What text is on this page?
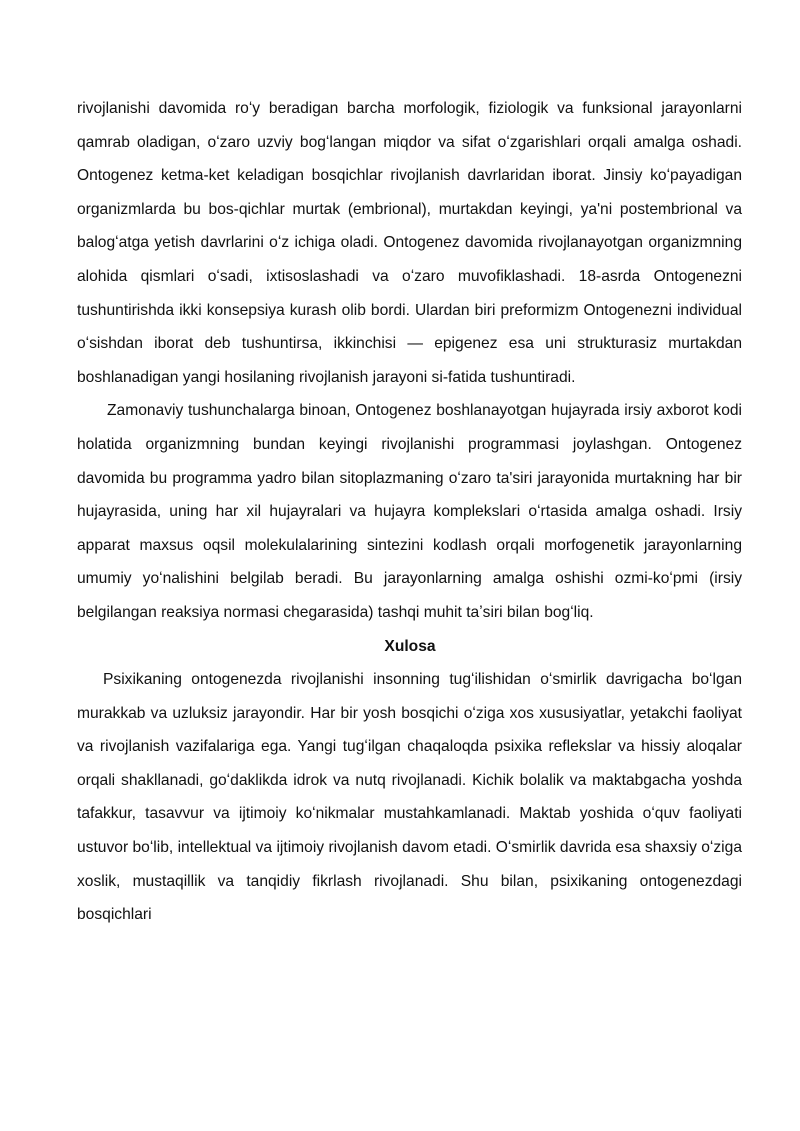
rivojlanishi davomida roʻy beradigan barcha morfologik, fiziologik va funksional jarayonlarni qamrab oladigan, oʻzaro uzviy bogʻlangan miqdor va sifat oʻzgarishlari orqali amalga oshadi. Ontogenez ketma-ket keladigan bosqichlar rivojlanish davrlaridan iborat. Jinsiy koʻpayadigan organizmlarda bu bos-qichlar murtak (embrional), murtakdan keyingi, ya'ni postembrional va balogʻatga yetish davrlarini oʻz ichiga oladi. Ontogenez davomida rivojlanayotgan organizmning alohida qismlari oʻsadi, ixtisoslashadi va oʻzaro muvofiklashadi. 18-asrda Ontogenezni tushuntirishda ikki konsepsiya kurash olib bordi. Ulardan biri preformizm Ontogenezni individual oʻsishdan iborat deb tushuntirsa, ikkinchisi — epigenez esa uni strukturasiz murtakdan boshlanadigan yangi hosilaning rivojlanish jarayoni si-fatida tushuntiradi.

Zamonaviy tushunchalarga binoan, Ontogenez boshlanayotgan hujayrada irsiy axborot kodi holatida organizmning bundan keyingi rivojlanishi programmasi joylashgan. Ontogenez davomida bu programma yadro bilan sitoplazmaning oʻzaro ta'siri jarayonida murtakning har bir hujayrasida, uning har xil hujayralari va hujayra komplekslari oʻrtasida amalga oshadi. Irsiy apparat maxsus oqsil molekulalarining sintezini kodlash orqali morfogenetik jarayonlarning umumiy yoʻnalishini belgilab beradi. Bu jarayonlarning amalga oshishi ozmi-koʻpmi (irsiy belgilangan reaksiya normasi chegarasida) tashqi muhit taʼsiri bilan bogʻliq.

Xulosa

Psixikaning ontogenezda rivojlanishi insonning tugʻilishidan oʻsmirlik davrigacha boʻlgan murakkab va uzluksiz jarayondir. Har bir yosh bosqichi oʻziga xos xususiyatlar, yetakchi faoliyat va rivojlanish vazifalariga ega. Yangi tugʻilgan chaqaloqda psixika reflekslar va hissiy aloqalar orqali shakllanadi, goʻdaklikda idrok va nutq rivojlanadi. Kichik bolalik va maktabgacha yoshda tafakkur, tasavvur va ijtimoiy koʻnikmalar mustahkamlanadi. Maktab yoshida oʻquv faoliyati ustuvor boʻlib, intellektual va ijtimoiy rivojlanish davom etadi. Oʻsmirlik davrida esa shaxsiy oʻziga xoslik, mustaqillik va tanqidiy fikrlash rivojlanadi. Shu bilan, psixikaning ontogenezdagi bosqichlari
